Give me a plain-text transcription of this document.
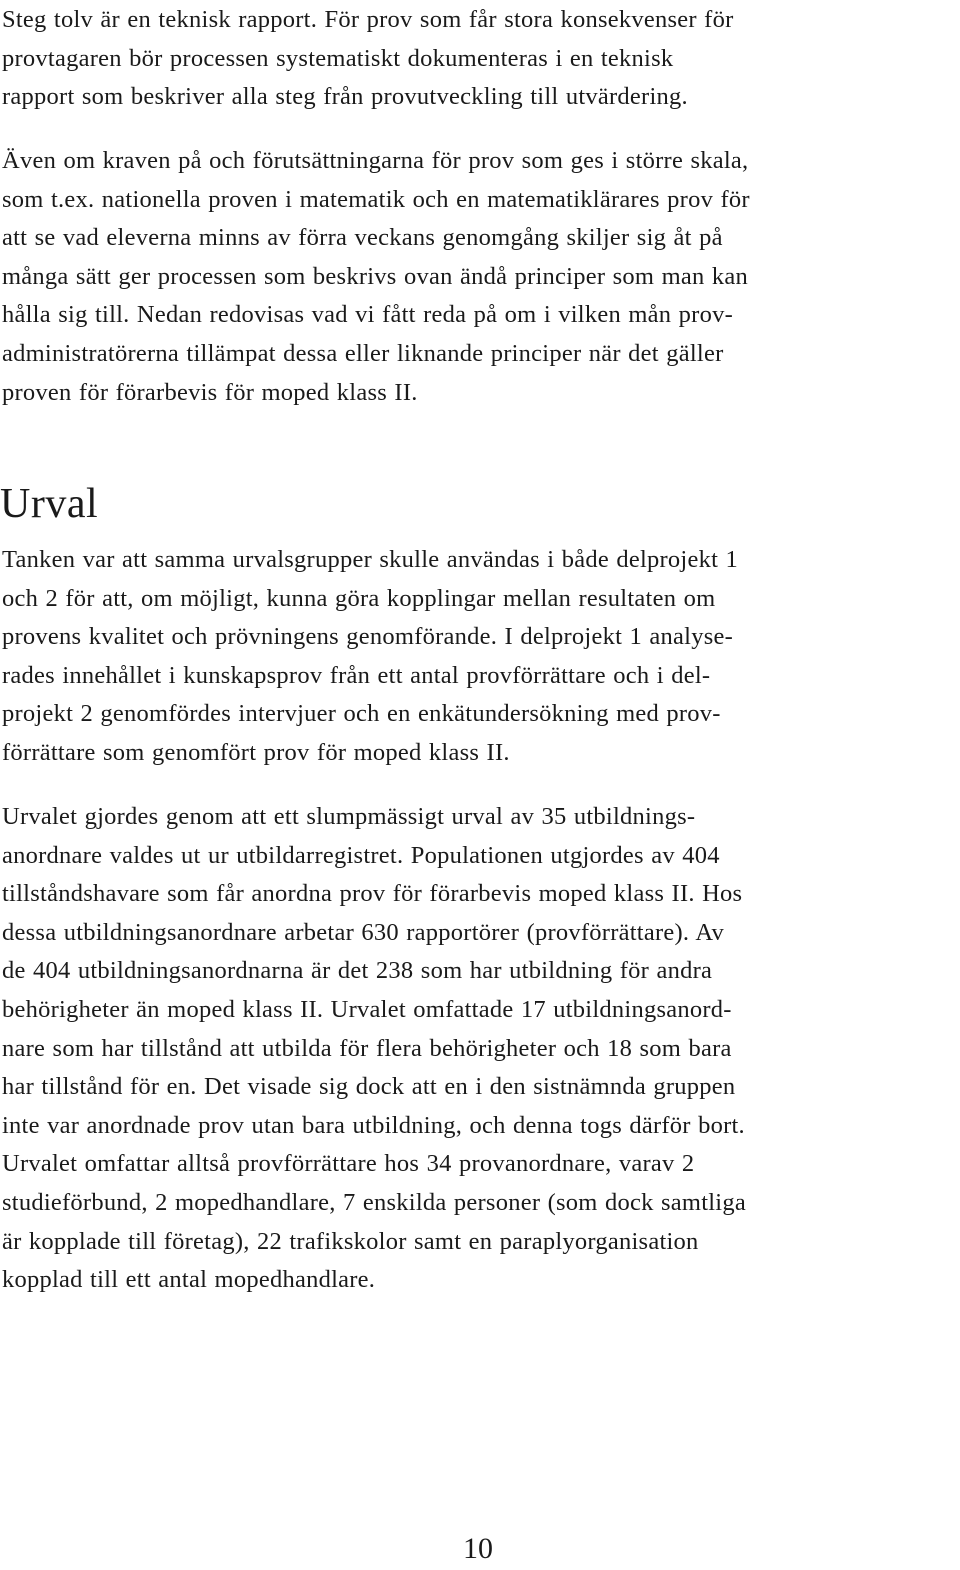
Steg tolv är en teknisk rapport. För prov som får stora konsekvenser för
provtagaren bör processen systematiskt dokumenteras i en teknisk
rapport som beskriver alla steg från provutveckling till utvärdering.
Även om kraven på och förutsättningarna för prov som ges i större skala,
som t.ex. nationella proven i matematik och en matematiklärares prov för
att se vad eleverna minns av förra veckans genomgång skiljer sig åt på
många sätt ger processen som beskrivs ovan ändå principer som man kan
hålla sig till. Nedan redovisas vad vi fått reda på om i vilken mån prov-
administratörerna tillämpat dessa eller liknande principer när det gäller
proven för förarbevis för moped klass II.
Urval
Tanken var att samma urvalsgrupper skulle användas i både delprojekt 1
och 2 för att, om möjligt, kunna göra kopplingar mellan resultaten om
provens kvalitet och prövningens genomförande. I delprojekt 1 analyse-
rades innehållet i kunskapsprov från ett antal provförrättare och i del-
projekt 2 genomfördes intervjuer och en enkätundersökning med prov-
förrättare som genomfört prov för moped klass II.
Urvalet gjordes genom att ett slumpmässigt urval av 35 utbildnings-
anordnare valdes ut ur utbildarregistret. Populationen utgjordes av 404
tillståndshavare som får anordna prov för förarbevis moped klass II. Hos
dessa utbildningsanordnare arbetar 630 rapportörer (provförrättare). Av
de 404 utbildningsanordnarna är det 238 som har utbildning för andra
behörigheter än moped klass II. Urvalet omfattade 17 utbildningsanord-
nare som har tillstånd att utbilda för flera behörigheter och 18 som bara
har tillstånd för en. Det visade sig dock att en i den sistnämnda gruppen
inte var anordnade prov utan bara utbildning, och denna togs därför bort.
Urvalet omfattar alltså provförrättare hos 34 provanordnare, varav 2
studieförbund, 2 mopedhandlare, 7 enskilda personer (som dock samtliga
är kopplade till företag), 22 trafikskolor samt en paraplyorganisation
kopplad till ett antal mopedhandlare.
10
